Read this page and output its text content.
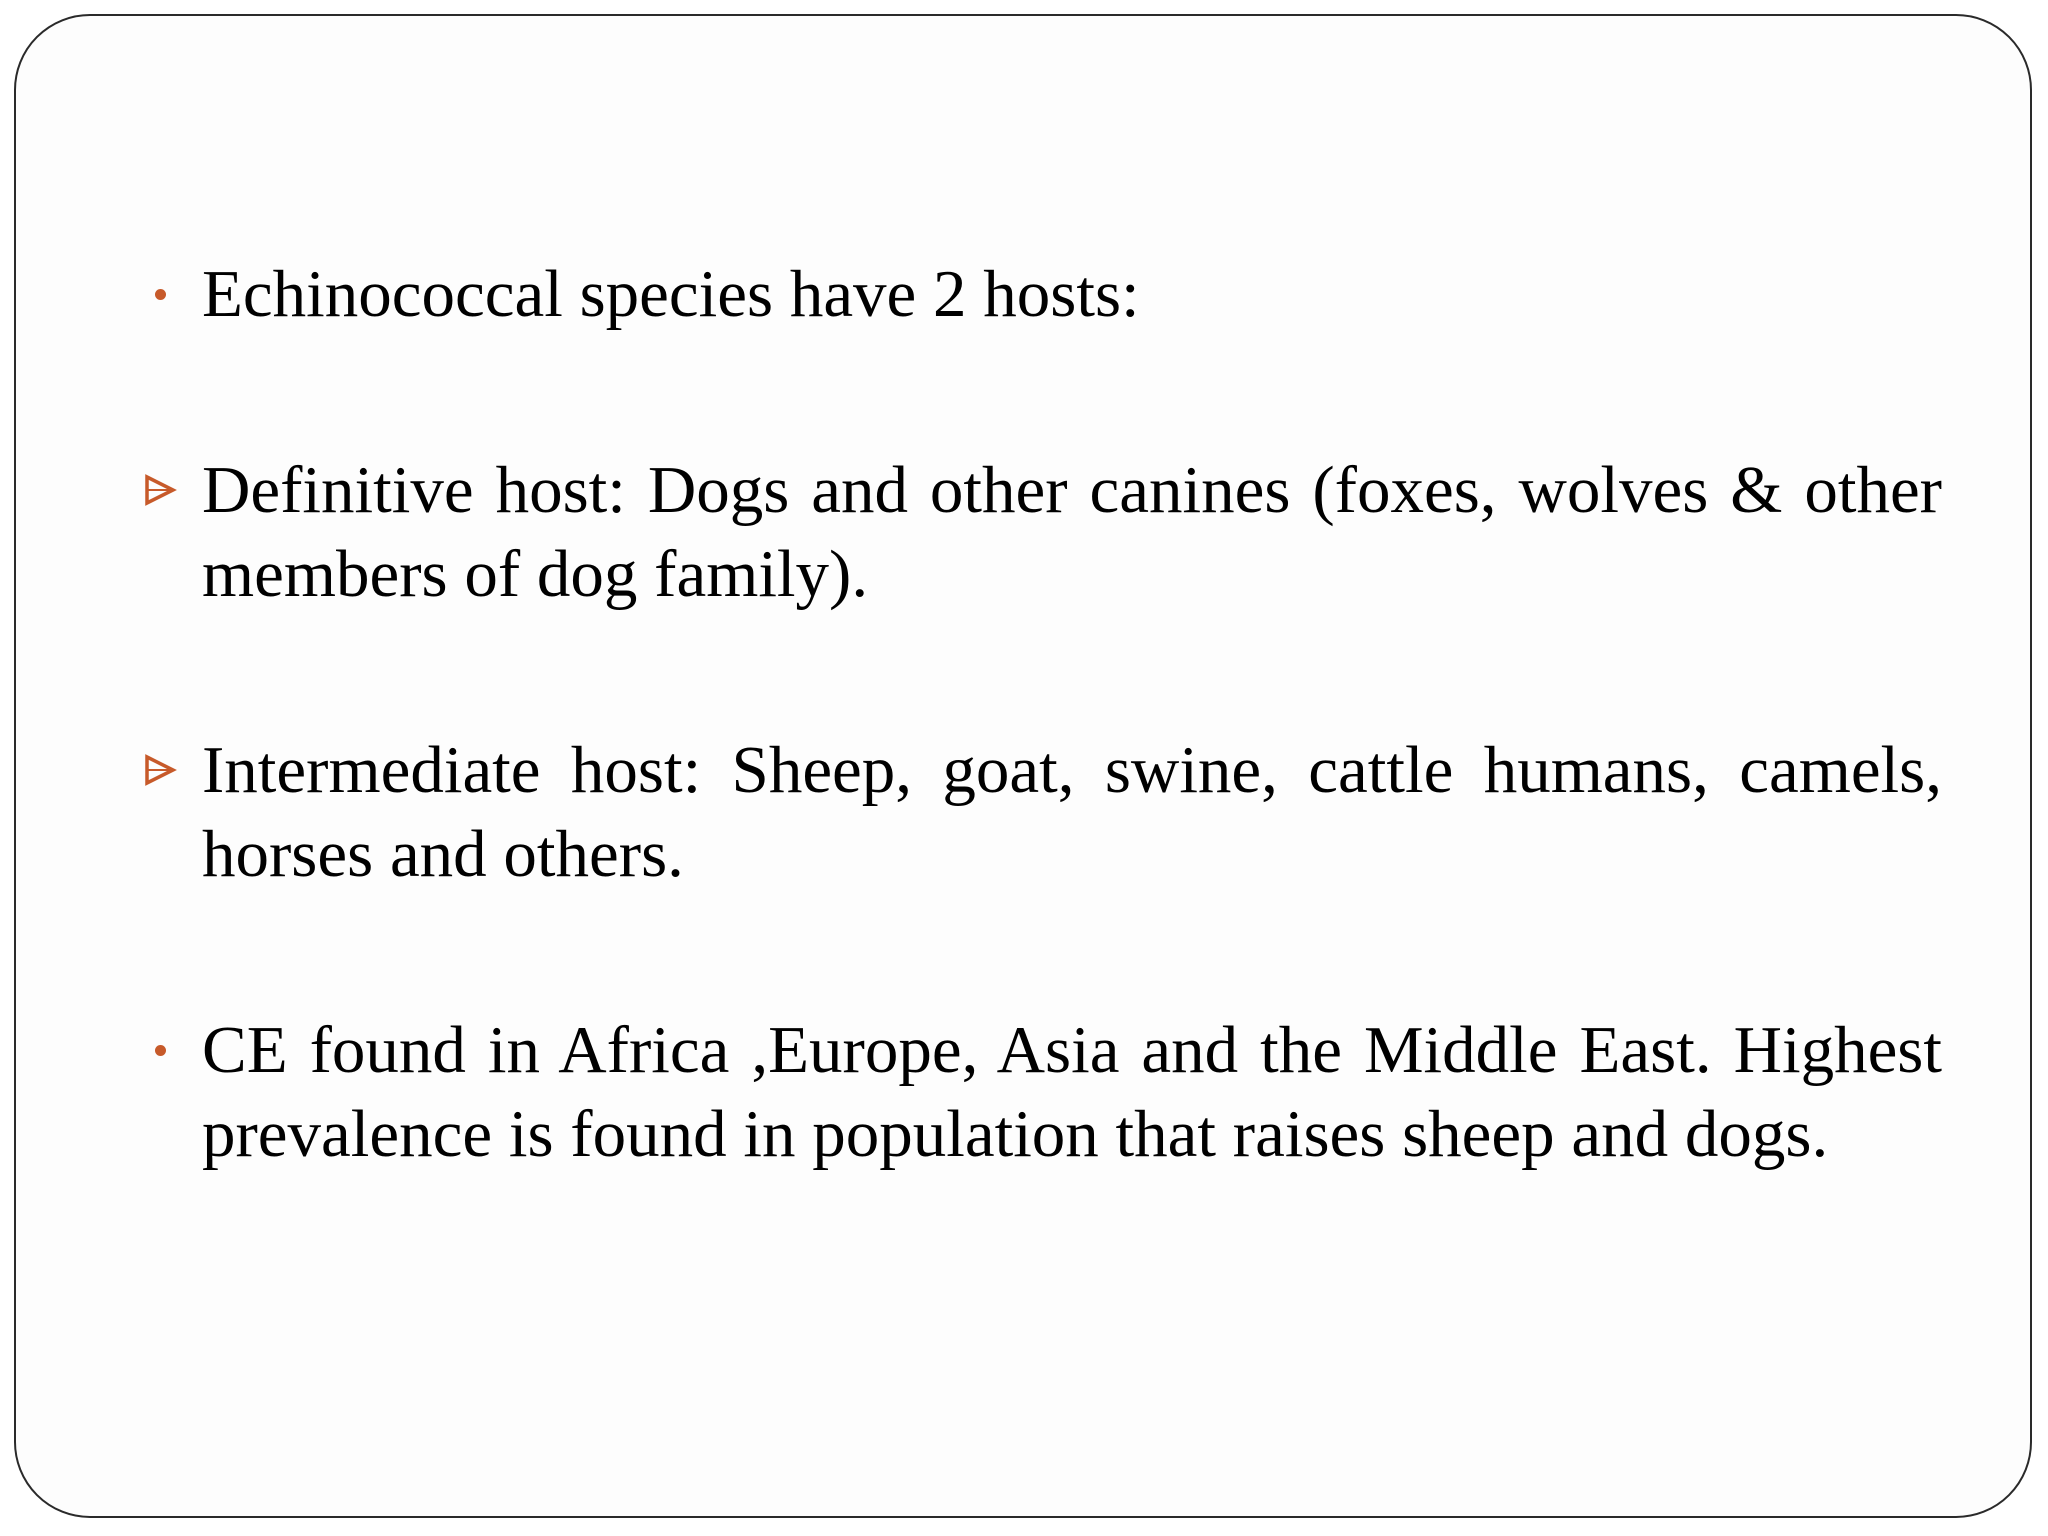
Echinococcal species have 2 hosts:
Definitive host: Dogs and other canines (foxes, wolves & other members of dog family).
Intermediate host: Sheep, goat, swine, cattle humans, camels, horses and others.
CE found in Africa ,Europe, Asia and the Middle East. Highest prevalence is found in population that raises sheep and dogs.
